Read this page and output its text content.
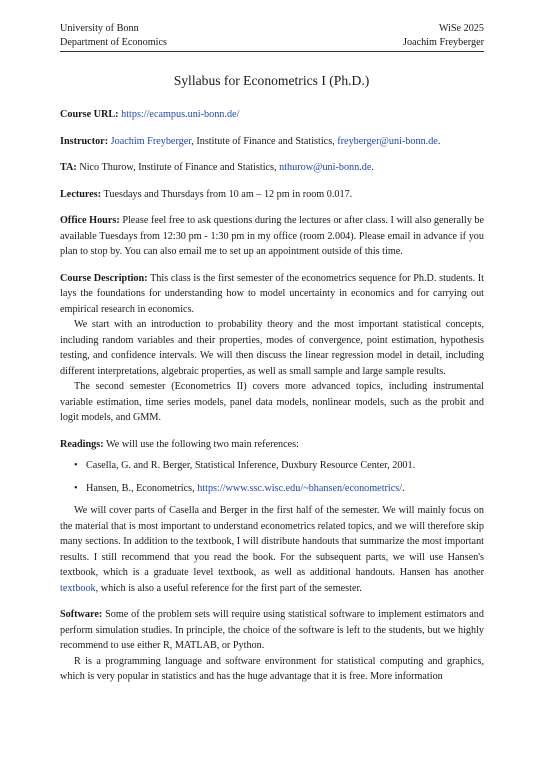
University of Bonn
Department of Economics
WiSe 2025
Joachim Freyberger
Syllabus for Econometrics I (Ph.D.)

Course URL: https://ecampus.uni-bonn.de/

Instructor: Joachim Freyberger, Institute of Finance and Statistics, freyberger@uni-bonn.de.

TA: Nico Thurow, Institute of Finance and Statistics, nthurow@uni-bonn.de.

Lectures: Tuesdays and Thursdays from 10 am – 12 pm in room 0.017.

Office Hours: Please feel free to ask questions during the lectures or after class. I will also generally be available Tuesdays from 12:30 pm - 1:30 pm in my office (room 2.004). Please email in advance if you plan to stop by. You can also email me to set up an appointment outside of this time.

Course Description: This class is the first semester of the econometrics sequence for Ph.D. students. It lays the foundations for understanding how to model uncertainty in economics and for carrying out empirical research in economics.

We start with an introduction to probability theory and the most important statistical concepts, including random variables and their properties, modes of convergence, point estimation, hypothesis testing, and confidence intervals. We will then discuss the linear regression model in detail, including different interpretations, algebraic properties, as well as small sample and large sample results.

The second semester (Econometrics II) covers more advanced topics, including instrumental variable estimation, time series models, panel data models, nonlinear models, such as the probit and logit models, and GMM.

Readings: We will use the following two main references:

• Casella, G. and R. Berger, Statistical Inference, Duxbury Resource Center, 2001.
• Hansen, B., Econometrics, https://www.ssc.wisc.edu/~bhansen/econometrics/.

We will cover parts of Casella and Berger in the first half of the semester. We will mainly focus on the material that is most important to understand econometrics related topics, and we will therefore skip many sections. In addition to the textbook, I will distribute handouts that summarize the most important results. I still recommend that you read the book. For the subsequent parts, we will use Hansen's textbook, which is a graduate level textbook, as well as additional handouts. Hansen has another textbook, which is also a useful reference for the first part of the semester.

Software: Some of the problem sets will require using statistical software to implement estimators and perform simulation studies. In principle, the choice of the software is left to the students, but we highly recommend to use either R, MATLAB, or Python.

R is a programming language and software environment for statistical computing and graphics, which is very popular in statistics and has the huge advantage that it is free. More information
